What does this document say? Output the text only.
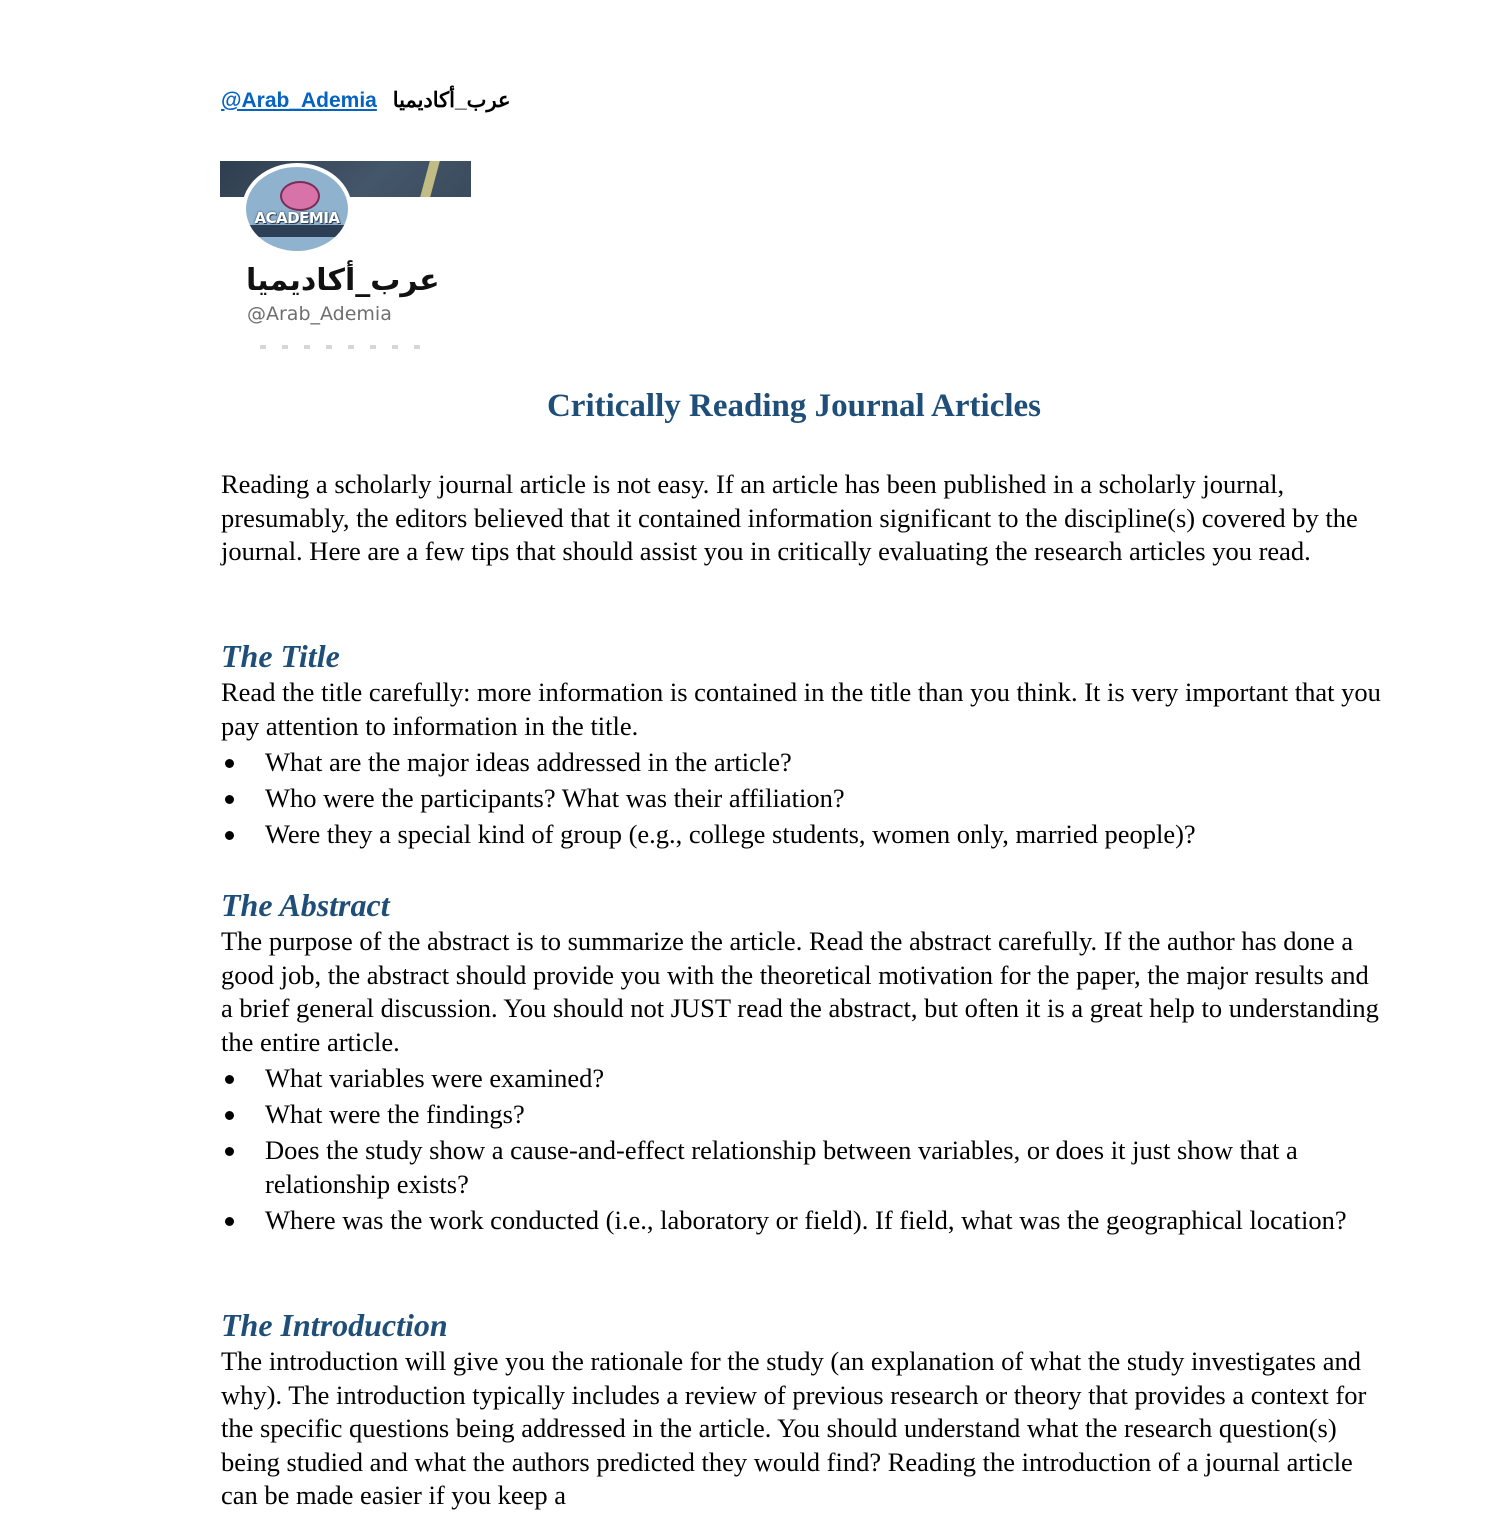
@Arab_Ademia عرب_أكاديميا
ACADEMIA
عرب_أكاديميا
@Arab_Ademia
Critically Reading Journal Articles

Reading a scholarly journal article is not easy. If an article has been published in a scholarly journal, presumably, the editors believed that it contained information significant to the discipline(s) covered by the journal. Here are a few tips that should assist you in critically evaluating the research articles you read.

The Title

Read the title carefully: more information is contained in the title than you think. It is very important that you pay attention to information in the title.

What are the major ideas addressed in the article?
Who were the participants? What was their affiliation?
Were they a special kind of group (e.g., college students, women only, married people)?
The Abstract

The purpose of the abstract is to summarize the article. Read the abstract carefully. If the author has done a good job, the abstract should provide you with the theoretical motivation for the paper, the major results and a brief general discussion. You should not JUST read the abstract, but often it is a great help to understanding the entire article.

What variables were examined?
What were the findings?
Does the study show a cause-and-effect relationship between variables, or does it just show that a relationship exists?
Where was the work conducted (i.e., laboratory or field). If field, what was the geographical location?
The Introduction

The introduction will give you the rationale for the study (an explanation of what the study investigates and why). The introduction typically includes a review of previous research or theory that provides a context for the specific questions being addressed in the article. You should understand what the research question(s) being studied and what the authors predicted they would find? Reading the introduction of a journal article can be made easier if you keep a
